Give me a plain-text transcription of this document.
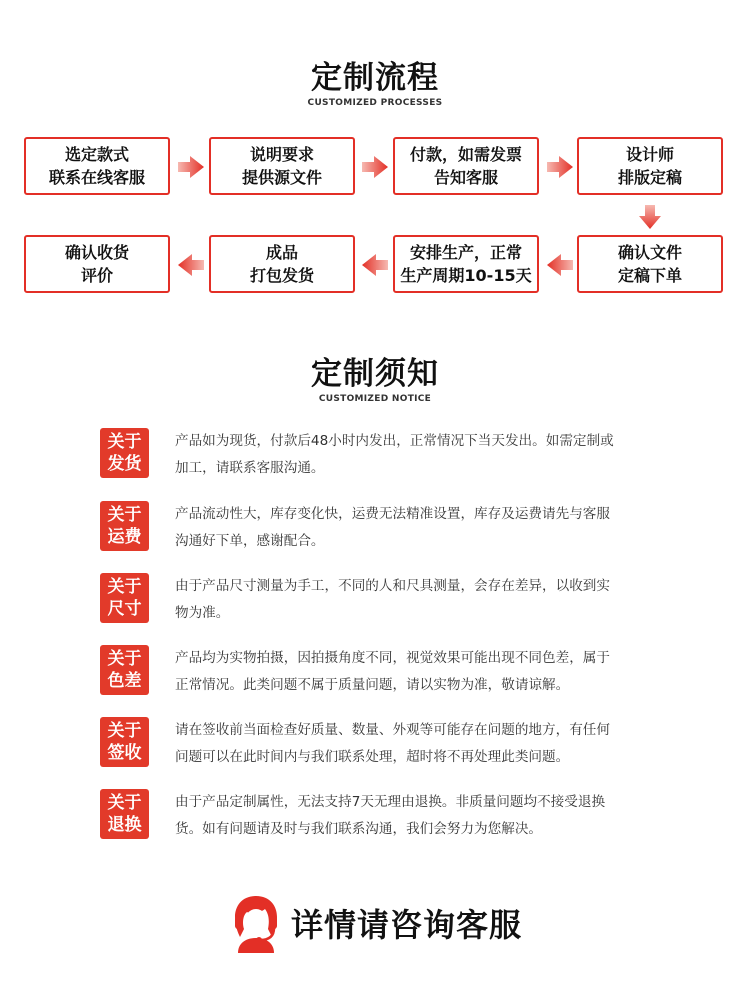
定制流程
CUSTOMIZED PROCESSES
选定款式
联系在线客服
说明要求
提供源文件
付款，如需发票
告知客服
设计师
排版定稿
确认文件
定稿下单
安排生产，正常
生产周期10-15天
成品
打包发货
确认收货
评价
定制须知
CUSTOMIZED NOTICE
关于
发货
产品如为现货，付款后48小时内发出，正常情况下当天发出。如需定制或
加工，请联系客服沟通。
关于
运费
产品流动性大，库存变化快，运费无法精准设置，库存及运费请先与客服
沟通好下单，感谢配合。
关于
尺寸
由于产品尺寸测量为手工，不同的人和尺具测量，会存在差异，以收到实
物为准。
关于
色差
产品均为实物拍摄，因拍摄角度不同，视觉效果可能出现不同色差，属于
正常情况。此类问题不属于质量问题，请以实物为准，敬请谅解。
关于
签收
请在签收前当面检查好质量、数量、外观等可能存在问题的地方，有任何
问题可以在此时间内与我们联系处理，超时将不再处理此类问题。
关于
退换
由于产品定制属性，无法支持7天无理由退换。非质量问题均不接受退换
货。如有问题请及时与我们联系沟通，我们会努力为您解决。
详情请咨询客服
